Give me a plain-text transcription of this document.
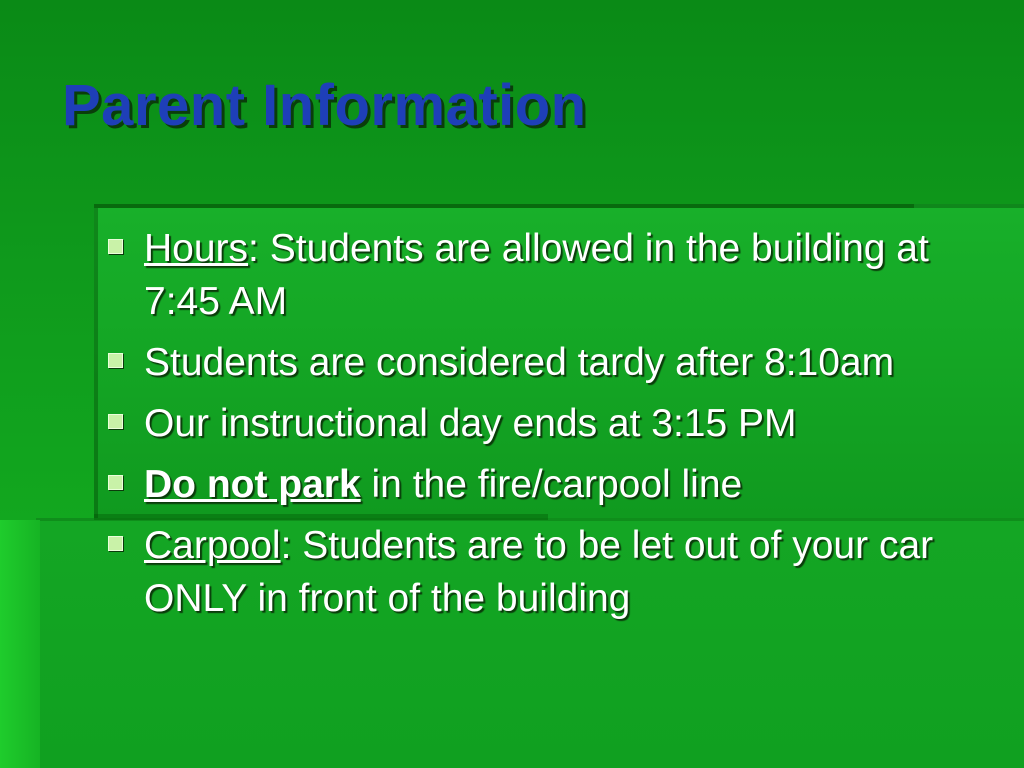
Parent Information
Hours: Students are allowed in the building at 7:45 AM
Students are considered tardy after 8:10am
Our instructional day ends at 3:15 PM
Do not park in the fire/carpool line
Carpool: Students are to be let out of your car ONLY in front of the building
